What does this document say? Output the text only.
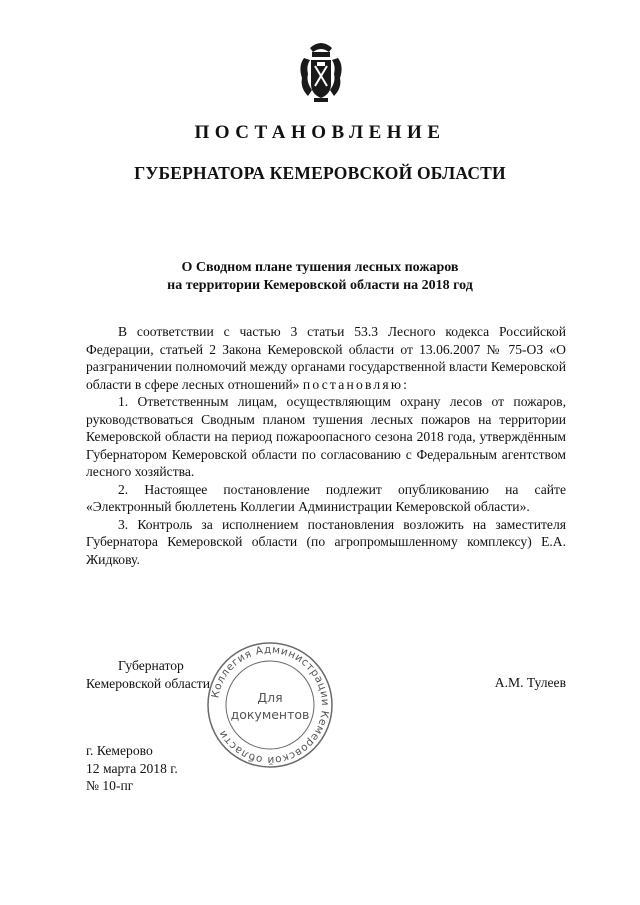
ПОСТАНОВЛЕНИЕ
ГУБЕРНАТОРА КЕМЕРОВСКОЙ ОБЛАСТИ
О Сводном плане тушения лесных пожаров
на территории Кемеровской области на 2018 год

В соответствии с частью 3 статьи 53.3 Лесного кодекса Российской Федерации, статьей 2 Закона Кемеровской области от 13.06.2007 № 75-ОЗ «О разграничении полномочий между органами государственной власти Кемеровской области в сфере лесных отношений» постановляю:

1. Ответственным лицам, осуществляющим охрану лесов от пожаров, руководствоваться Сводным планом тушения лесных пожаров на территории Кемеровской области на период пожароопасного сезона 2018 года, утверждённым Губернатором Кемеровской области по согласованию с Федеральным агентством лесного хозяйства.

2. Настоящее постановление подлежит опубликованию на сайте «Электронный бюллетень Коллегии Администрации Кемеровской области».

3. Контроль за исполнением постановления возложить на заместителя Губернатора Кемеровской области (по агропромышленному комплексу) Е.А. Жидкову.

Коллегия Администрации Кемеровской области
Для
документов
Губернатор
Кемеровской области	А.М. Тулеев
г. Кемерово
12 марта 2018 г.
№ 10-пг
